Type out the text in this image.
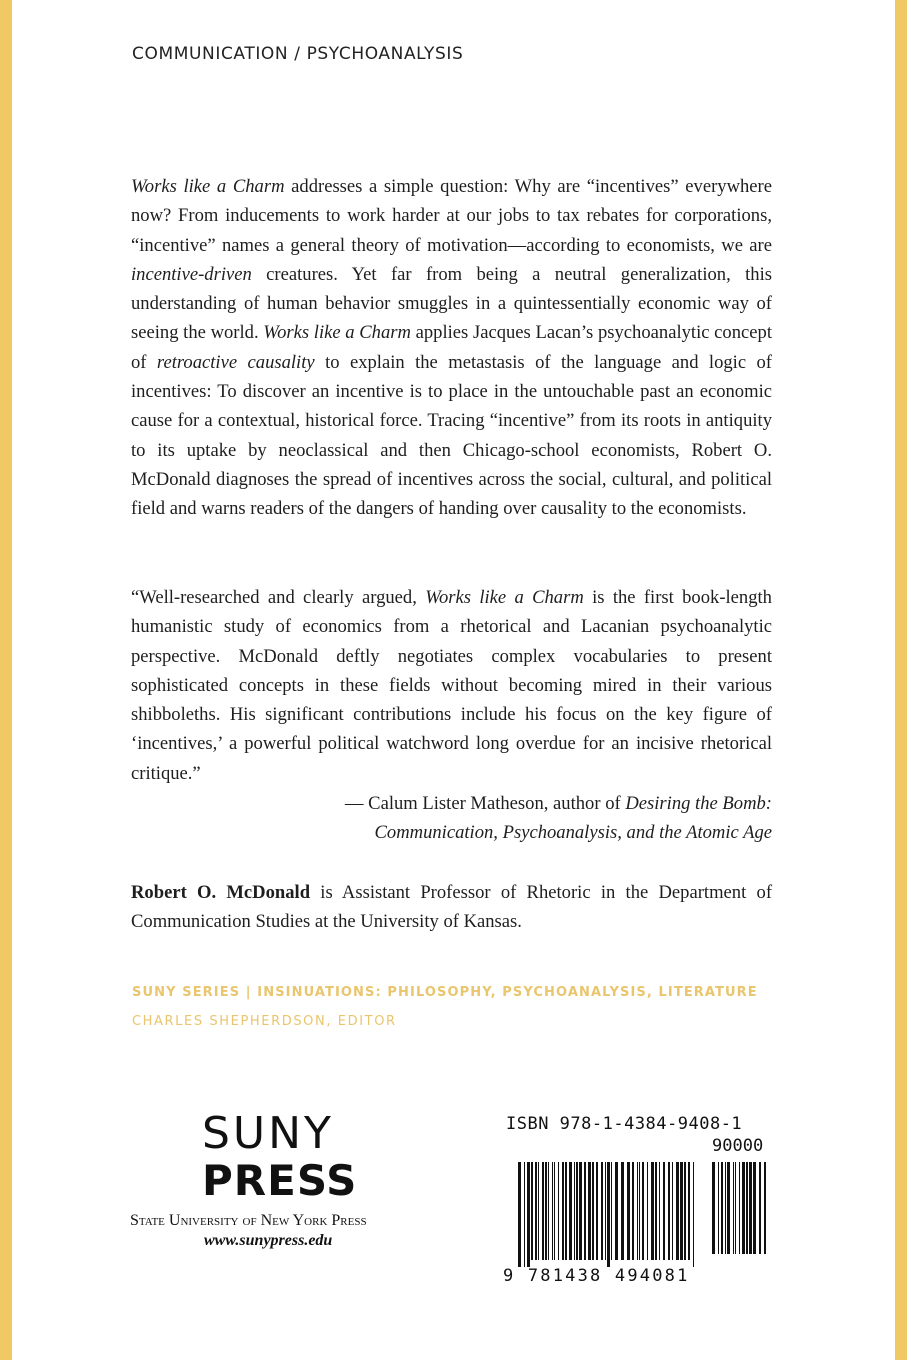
COMMUNICATION / PSYCHOANALYSIS

Works like a Charm addresses a simple question: Why are “incentives” everywhere now? From inducements to work harder at our jobs to tax rebates for corporations, “incentive” names a general theory of motivation—according to economists, we are incentive-driven creatures. Yet far from being a neutral generalization, this understanding of human behavior smuggles in a quintessentially economic way of seeing the world. Works like a Charm applies Jacques Lacan’s psychoanalytic concept of retroactive causality to explain the metastasis of the language and logic of incentives: To discover an incentive is to place in the untouchable past an economic cause for a contextual, historical force. Tracing “incentive” from its roots in antiquity to its uptake by neoclassical and then Chicago-school economists, Robert O. McDonald diagnoses the spread of incentives across the social, cultural, and political field and warns readers of the dangers of handing over causality to the economists.

“Well-researched and clearly argued, Works like a Charm is the first book-length humanistic study of economics from a rhetorical and Lacanian psychoanalytic perspective. McDonald deftly negotiates complex vocabularies to present sophisticated concepts in these fields without becoming mired in their various shibboleths. His significant contributions include his focus on the key figure of ‘incentives,’ a powerful political watchword long overdue for an incisive rhetorical critique.”

— Calum Lister Matheson, author of Desiring the Bomb:
Communication, Psychoanalysis, and the Atomic Age

Robert O. McDonald is Assistant Professor of Rhetoric in the Department of Communication Studies at the University of Kansas.

SUNY SERIES | INSINUATIONS: PHILOSOPHY, PSYCHOANALYSIS, LITERATURE
CHARLES SHEPHERDSON, EDITOR
SUNY
PRESS
State University of New York Press
www.sunypress.edu
ISBN 978-1-4384-9408-1
90000
9 781438 494081
